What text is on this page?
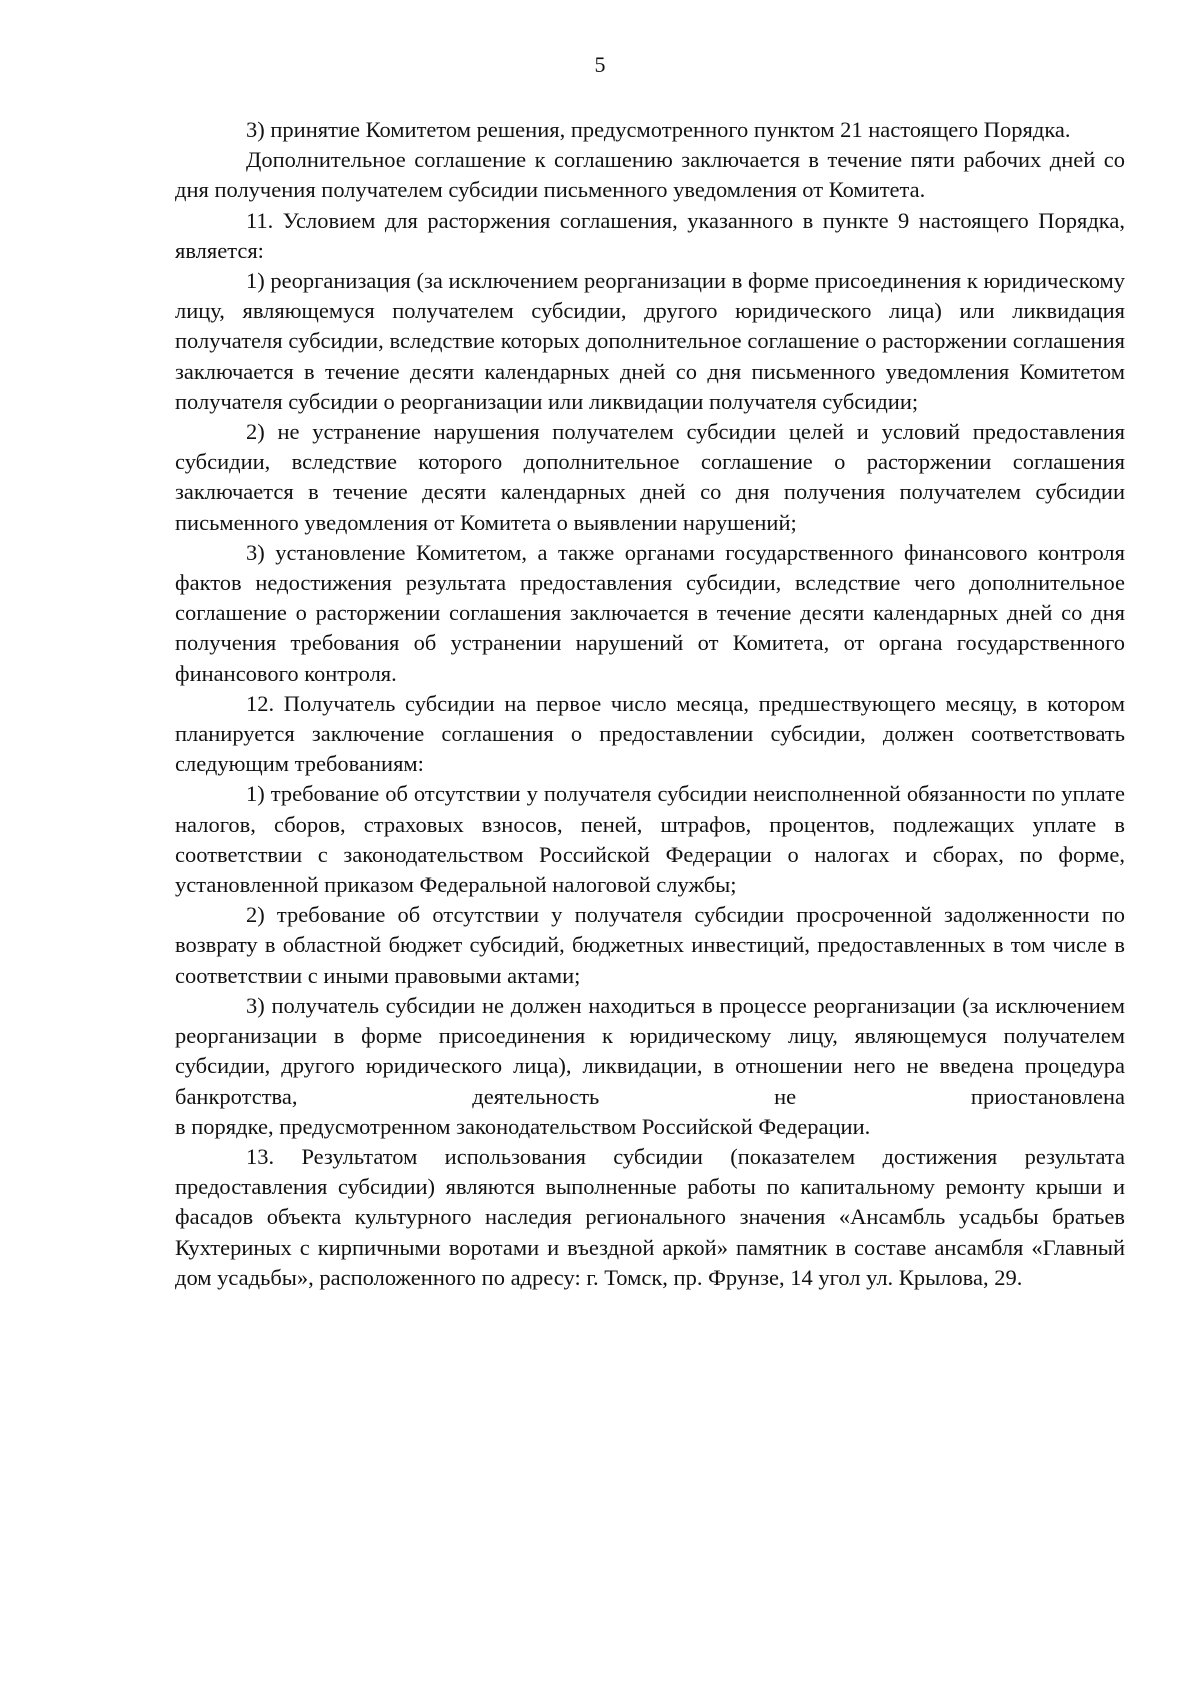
5

3) принятие Комитетом решения, предусмотренного пунктом 21 настоящего Порядка.

Дополнительное соглашение к соглашению заключается в течение пяти рабочих дней со дня получения получателем субсидии письменного уведомления от Комитета.

11. Условием для расторжения соглашения, указанного в пункте 9 настоящего Порядка, является:

1) реорганизация (за исключением реорганизации в форме присоединения к юридическому лицу, являющемуся получателем субсидии, другого юридического лица) или ликвидация получателя субсидии, вследствие которых дополнительное соглашение о расторжении соглашения заключается в течение десяти календарных дней со дня письменного уведомления Комитетом получателя субсидии о реорганизации или ликвидации получателя субсидии;

2) не устранение нарушения получателем субсидии целей и условий предоставления субсидии, вследствие которого дополнительное соглашение о расторжении соглашения заключается в течение десяти календарных дней со дня получения получателем субсидии письменного уведомления от Комитета о выявлении нарушений;

3) установление Комитетом, а также органами государственного финансового контроля фактов недостижения результата предоставления субсидии, вследствие чего дополнительное соглашение о расторжении соглашения заключается в течение десяти календарных дней со дня получения требования об устранении нарушений от Комитета, от органа государственного финансового контроля.

12. Получатель субсидии на первое число месяца, предшествующего месяцу, в котором планируется заключение соглашения о предоставлении субсидии, должен соответствовать следующим требованиям:

1) требование об отсутствии у получателя субсидии неисполненной обязанности по уплате налогов, сборов, страховых взносов, пеней, штрафов, процентов, подлежащих уплате в соответствии с законодательством Российской Федерации о налогах и сборах, по форме, установленной приказом Федеральной налоговой службы;

2) требование об отсутствии у получателя субсидии просроченной задолженности по возврату в областной бюджет субсидий, бюджетных инвестиций, предоставленных в том числе в соответствии с иными правовыми актами;

3) получатель субсидии не должен находиться в процессе реорганизации (за исключением реорганизации в форме присоединения к юридическому лицу, являющемуся получателем субсидии, другого юридического лица), ликвидации, в отношении него не введена процедура банкротства, деятельность не приостановлена

в порядке, предусмотренном законодательством Российской Федерации.

13. Результатом использования субсидии (показателем достижения результата предоставления субсидии) являются выполненные работы по капитальному ремонту крыши и фасадов объекта культурного наследия регионального значения «Ансамбль усадьбы братьев Кухтериных с кирпичными воротами и въездной аркой» памятник в составе ансамбля «Главный дом усадьбы», расположенного по адресу: г. Томск, пр. Фрунзе, 14 угол ул. Крылова, 29.
